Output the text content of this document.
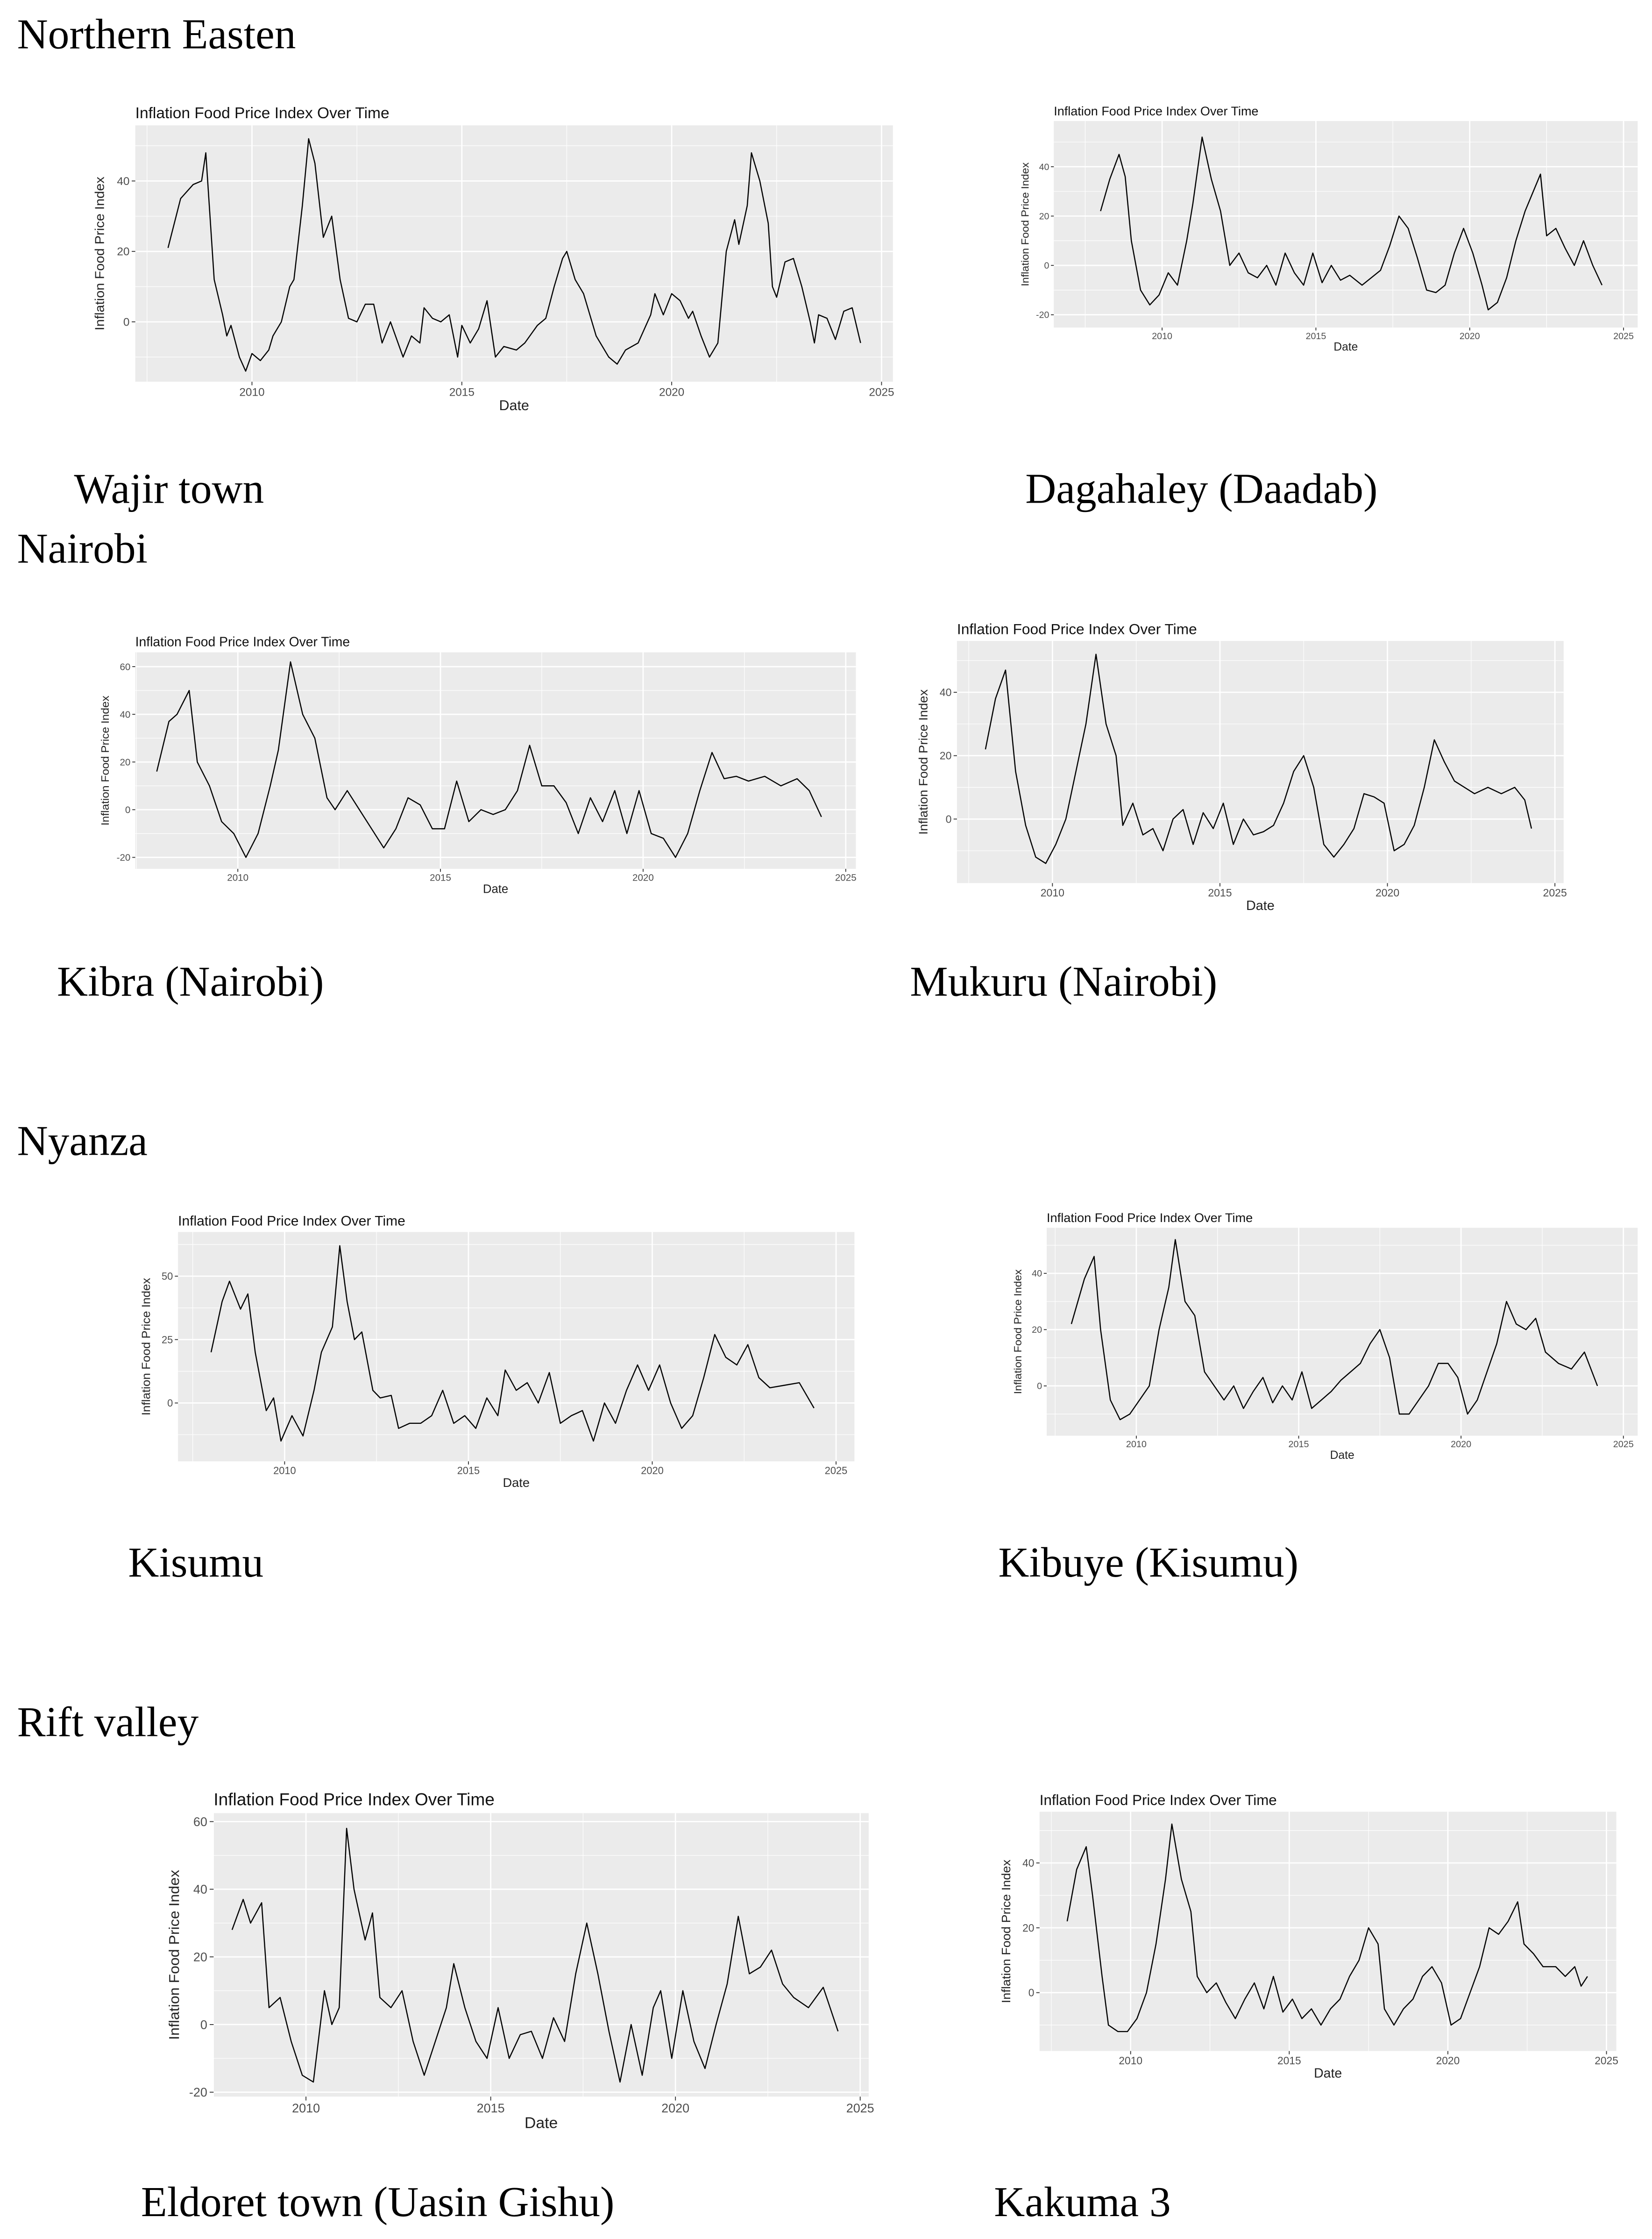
Northern Easten
Wajir town	Dagahaley (Daadab)
Nairobi
Kibra (Nairobi)	Mukuru (Nairobi)
Nyanza
Kisumu	Kibuye (Kisumu)
Rift valley
Eldoret town (Uasin Gishu)	Kakuma 3
2010	2015	2020	2025
0
20
40
Inflation Food Price Index Over Time
Date
Inflation Food Price Index
2010	2015	2020	2025
-20
0
20
40
Inflation Food Price Index Over Time
Date
Inflation Food Price Index
2010	2015	2020	2025
-20
0
20
40
60
Inflation Food Price Index Over Time
Date
Inflation Food Price Index
2010	2015	2020	2025
0
20
40
Inflation Food Price Index Over Time
Date
Inflation Food Price Index
2010	2015	2020	2025
0
25
50
Inflation Food Price Index Over Time
Date
Inflation Food Price Index
2010	2015	2020	2025
0
20
40
Inflation Food Price Index Over Time
Date
Inflation Food Price Index
2010	2015	2020	2025
-20
0
20
40
60
Inflation Food Price Index Over Time
Date
Inflation Food Price Index
2010	2015	2020	2025
0
20
40
Inflation Food Price Index Over Time
Date
Inflation Food Price Index
